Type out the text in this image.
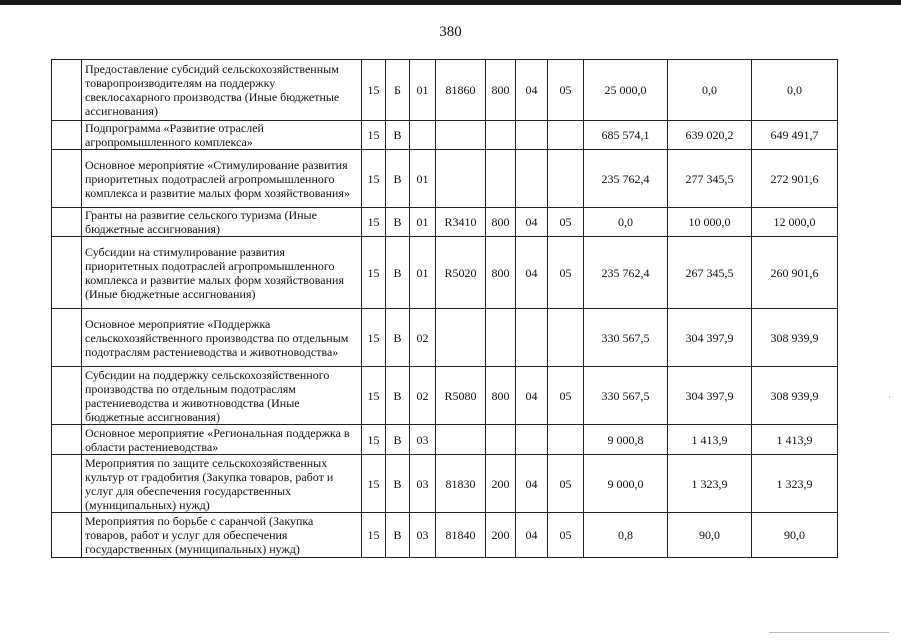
380
	Предоставление субсидий сельскохозяйственным товаропроизводителям на поддержку свеклосахарного производства (Иные бюджетные ассигнования)	15	Б	01	81860	800	04	05	25 000,0	0,0	0,0
	Подпрограмма «Развитие отраслей агропромышленного комплекса»	15	В						685 574,1	639 020,2	649 491,7
	Основное мероприятие «Стимулирование развития приоритетных подотраслей агропромышленного комплекса и развитие малых форм хозяйствования»	15	В	01					235 762,4	277 345,5	272 901,6
	Гранты на развитие сельского туризма (Иные бюджетные ассигнования)	15	В	01	R3410	800	04	05	0,0	10 000,0	12 000,0
	Субсидии на стимулирование развития приоритетных подотраслей агропромышленного комплекса и развитие малых форм хозяйствования (Иные бюджетные ассигнования)	15	В	01	R5020	800	04	05	235 762,4	267 345,5	260 901,6
	Основное мероприятие «Поддержка сельскохозяйственного производства по отдельным подотраслям растениеводства и животноводства»	15	В	02					330 567,5	304 397,9	308 939,9
	Субсидии на поддержку сельскохозяйственного производства по отдельным подотраслям растениеводства и животноводства (Иные бюджетные ассигнования)	15	В	02	R5080	800	04	05	330 567,5	304 397,9	308 939,9
	Основное мероприятие «Региональная поддержка в области растениеводства»	15	В	03					9 000,8	1 413,9	1 413,9
	Мероприятия по защите сельскохозяйственных культур от градобития (Закупка товаров, работ и услуг для обеспечения государственных (муниципальных) нужд)	15	В	03	81830	200	04	05	9 000,0	1 323,9	1 323,9
	Мероприятия по борьбе с саранчой (Закупка товаров, работ и услуг для обеспечения государственных (муниципальных) нужд)	15	В	03	81840	200	04	05	0,8	90,0	90,0
·
